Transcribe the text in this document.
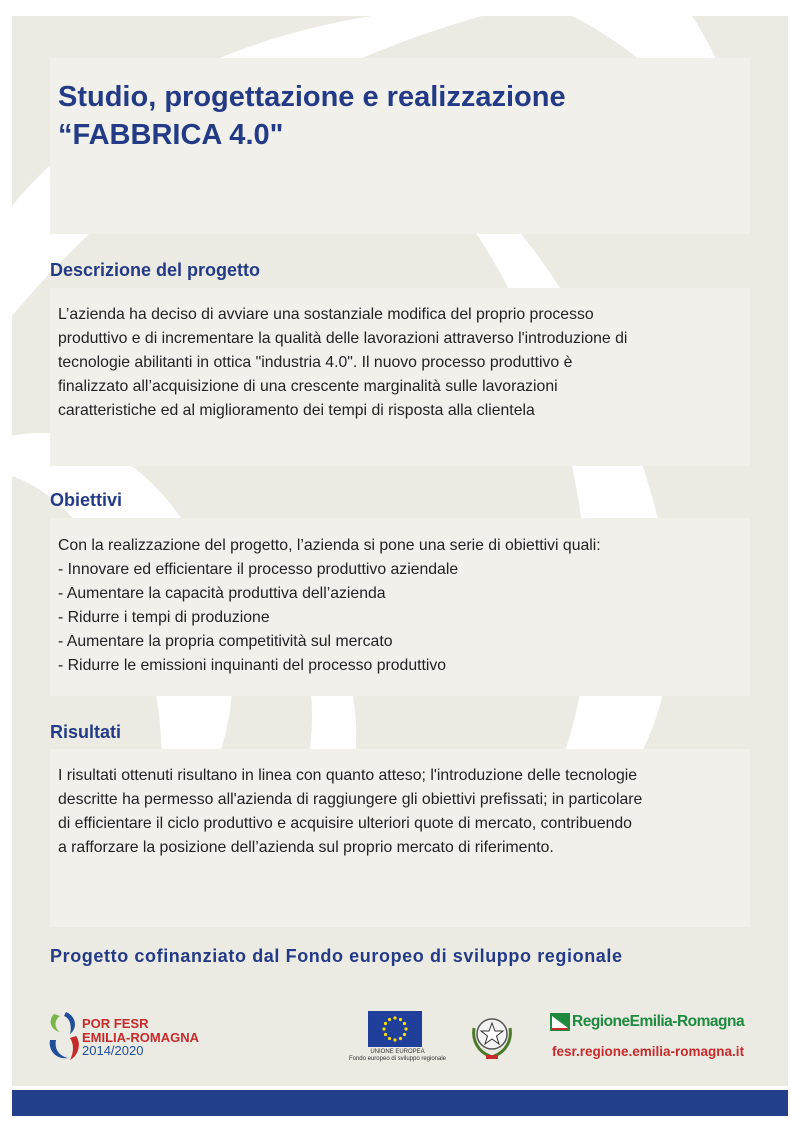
Studio, progettazione e realizzazione
“FABBRICA 4.0"
Descrizione del progetto

L’azienda ha deciso di avviare una sostanziale modifica del proprio processo
produttivo e di incrementare la qualità delle lavorazioni attraverso l'introduzione di
tecnologie abilitanti in ottica "industria 4.0". Il nuovo processo produttivo è
finalizzato all’acquisizione di una crescente marginalità sulle lavorazioni
caratteristiche ed al miglioramento dei tempi di risposta alla clientela

Obiettivi

Con la realizzazione del progetto, l’azienda si pone una serie di obiettivi quali:
- Innovare ed efficientare il processo produttivo aziendale
- Aumentare la capacità produttiva dell’azienda
- Ridurre i tempi di produzione
- Aumentare la propria competitività sul mercato
- Ridurre le emissioni inquinanti del processo produttivo

Risultati

I risultati ottenuti risultano in linea con quanto atteso; l'introduzione delle tecnologie
descritte ha permesso all'azienda di raggiungere gli obiettivi prefissati; in particolare
di efficientare il ciclo produttivo e acquisire ulteriori quote di mercato, contribuendo
a rafforzare la posizione dell’azienda sul proprio mercato di riferimento.

Progetto cofinanziato dal Fondo europeo di sviluppo regionale

POR FESR
EMILIA-ROMAGNA
2014/2020	UNIONE EUROPEA
Fondo europeo di sviluppo regionale
RegioneEmilia-Romagna
fesr.regione.emilia-romagna.it
